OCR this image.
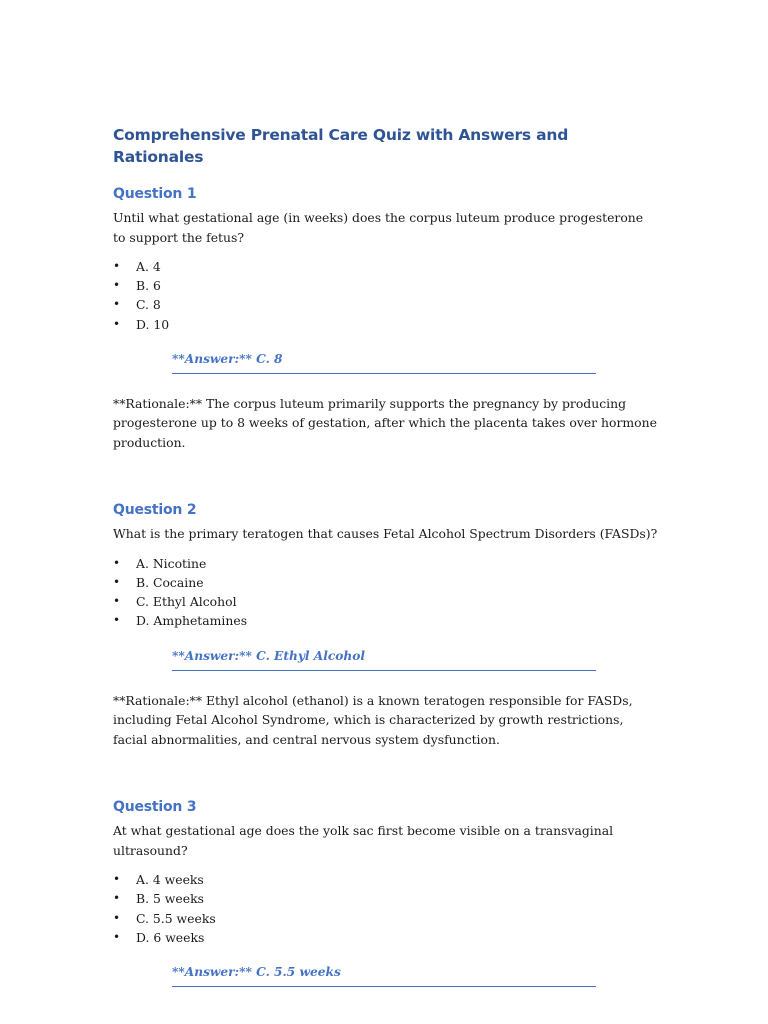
Comprehensive Prenatal Care Quiz with Answers and Rationales
Question 1

Until what gestational age (in weeks) does the corpus luteum produce progesterone to support the fetus?

• A. 4
• B. 6
• C. 8
• D. 10
**Answer:** C. 8

**Rationale:** The corpus luteum primarily supports the pregnancy by producing progesterone up to 8 weeks of gestation, after which the placenta takes over hormone production.

Question 2

What is the primary teratogen that causes Fetal Alcohol Spectrum Disorders (FASDs)?

• A. Nicotine
• B. Cocaine
• C. Ethyl Alcohol
• D. Amphetamines
**Answer:** C. Ethyl Alcohol

**Rationale:** Ethyl alcohol (ethanol) is a known teratogen responsible for FASDs, including Fetal Alcohol Syndrome, which is characterized by growth restrictions, facial abnormalities, and central nervous system dysfunction.

Question 3

At what gestational age does the yolk sac first become visible on a transvaginal ultrasound?

• A. 4 weeks
• B. 5 weeks
• C. 5.5 weeks
• D. 6 weeks
**Answer:** C. 5.5 weeks
